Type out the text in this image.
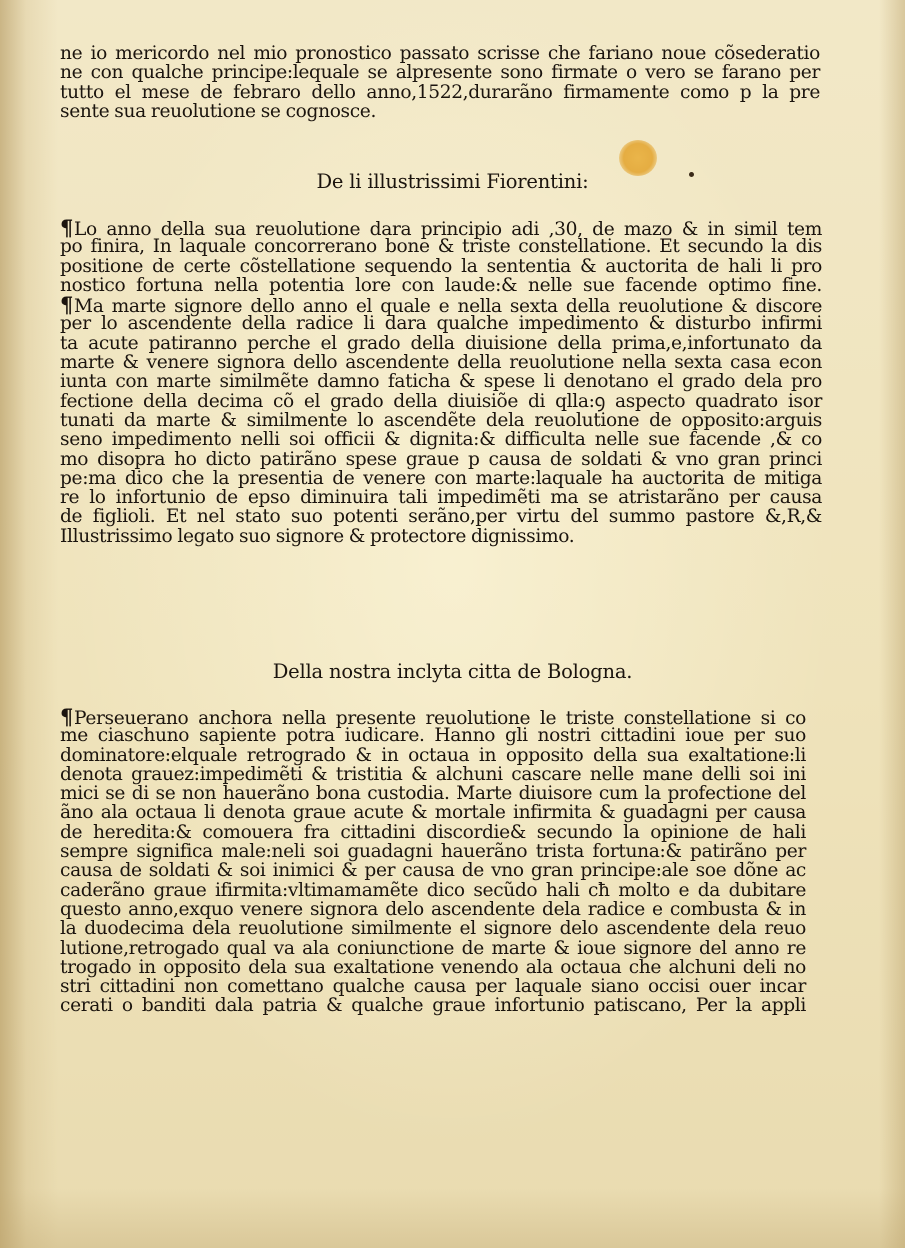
ne io mericordo nel mio pronostico passato scrisse che fariano noue cõsederatio
ne con qualche principe:lequale se alpresente sono firmate o vero se farano per
tutto el mese de febraro dello anno,1522,durarãno firmamente como p la pre
sente sua reuolutione se cognosce.
De li illustrissimi Fiorentini:
¶Lo anno della sua reuolutione dara principio adi ,30, de mazo & in simil tem
po finira, In laquale concorrerano bone & triste constellatione. Et secundo la dis
positione de certe cõstellatione sequendo la sententia & auctorita de hali li pro
nostico fortuna nella potentia lore con laude:& nelle sue facende optimo fine.
¶Ma marte signore dello anno el quale e nella sexta della reuolutione & discore
per lo ascendente della radice li dara qualche impedimento & disturbo infirmi
ta acute patiranno perche el grado della diuisione della prima,e,infortunato da
marte & venere signora dello ascendente della reuolutione nella sexta casa econ
iunta con marte similmẽte damno faticha & spese li denotano el grado dela pro
fectione della decima cõ el grado della diuisiõe di qlla:ꝯ aspecto quadrato isor
tunati da marte & similmente lo ascendẽte dela reuolutione de opposito:arguis
seno impedimento nelli soi officii & dignita:& difficulta nelle sue facende ,& co
mo disopra ho dicto patirãno spese graue p causa de soldati & vno gran princi
pe:ma dico che la presentia de venere con marte:laquale ha auctorita de mitiga
re lo infortunio de epso diminuira tali impedimẽti ma se atristarãno per causa
de figlioli. Et nel stato suo potenti serãno,per virtu del summo pastore &,R,&
Illustrissimo legato suo signore & protectore dignissimo.
Della nostra inclyta citta de Bologna.
¶Perseuerano anchora nella presente reuolutione le triste constellatione si co
me ciaschuno sapiente potra iudicare. Hanno gli nostri cittadini ioue per suo
dominatore:elquale retrogrado & in octaua in opposito della sua exaltatione:li
denota grauez:impedimẽti & tristitia & alchuni cascare nelle mane delli soi ini
mici se di se non hauerãno bona custodia. Marte diuisore cum la profectione del
ãno ala octaua li denota graue acute & mortale infirmita & guadagni per causa
de heredita:& comouera fra cittadini discordie& secundo la opinione de hali
sempre significa male:neli soi guadagni hauerãno trista fortuna:& patirãno per
causa de soldati & soi inimici & per causa de vno gran principe:ale soe dõne ac
caderãno graue ifirmita:vltimamamẽte dico secũdo hali cħ molto e da dubitare
questo anno,exquo venere signora delo ascendente dela radice e combusta & in
la duodecima dela reuolutione similmente el signore delo ascendente dela reuo
lutione,retrogado qual va ala coniunctione de marte & ioue signore del anno re
trogado in opposito dela sua exaltatione venendo ala octaua che alchuni deli no
stri cittadini non comettano qualche causa per laquale siano occisi ouer incar
cerati o banditi dala patria & qualche graue infortunio patiscano, Per la appli
